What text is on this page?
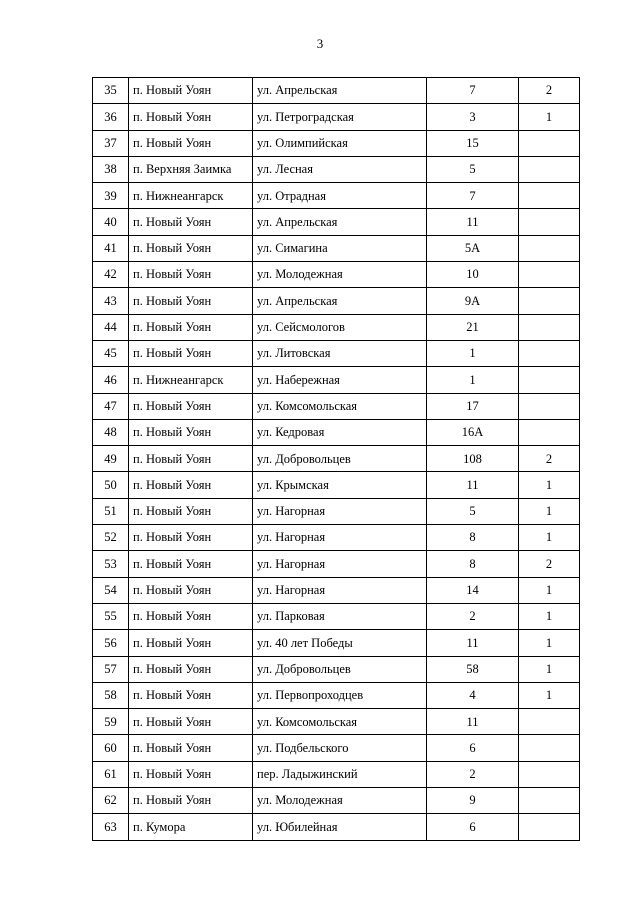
3
35	п. Новый Уоян	ул. Апрельская	7	2
36	п. Новый Уоян	ул. Петроградская	3	1
37	п. Новый Уоян	ул. Олимпийская	15	
38	п. Верхняя Заимка	ул. Лесная	5	
39	п. Нижнеангарск	ул. Отрадная	7	
40	п. Новый Уоян	ул. Апрельская	11	
41	п. Новый Уоян	ул. Симагина	5А	
42	п. Новый Уоян	ул. Молодежная	10	
43	п. Новый Уоян	ул. Апрельская	9А	
44	п. Новый Уоян	ул. Сейсмологов	21	
45	п. Новый Уоян	ул. Литовская	1	
46	п. Нижнеангарск	ул. Набережная	1	
47	п. Новый Уоян	ул. Комсомольская	17	
48	п. Новый Уоян	ул. Кедровая	16А	
49	п. Новый Уоян	ул. Добровольцев	108	2
50	п. Новый Уоян	ул. Крымская	11	1
51	п. Новый Уоян	ул. Нагорная	5	1
52	п. Новый Уоян	ул. Нагорная	8	1
53	п. Новый Уоян	ул. Нагорная	8	2
54	п. Новый Уоян	ул. Нагорная	14	1
55	п. Новый Уоян	ул. Парковая	2	1
56	п. Новый Уоян	ул. 40 лет Победы	11	1
57	п. Новый Уоян	ул. Добровольцев	58	1
58	п. Новый Уоян	ул. Первопроходцев	4	1
59	п. Новый Уоян	ул. Комсомольская	11	
60	п. Новый Уоян	ул. Подбельского	6	
61	п. Новый Уоян	пер. Ладыжинский	2	
62	п. Новый Уоян	ул. Молодежная	9	
63	п. Кумора	ул. Юбилейная	6	
